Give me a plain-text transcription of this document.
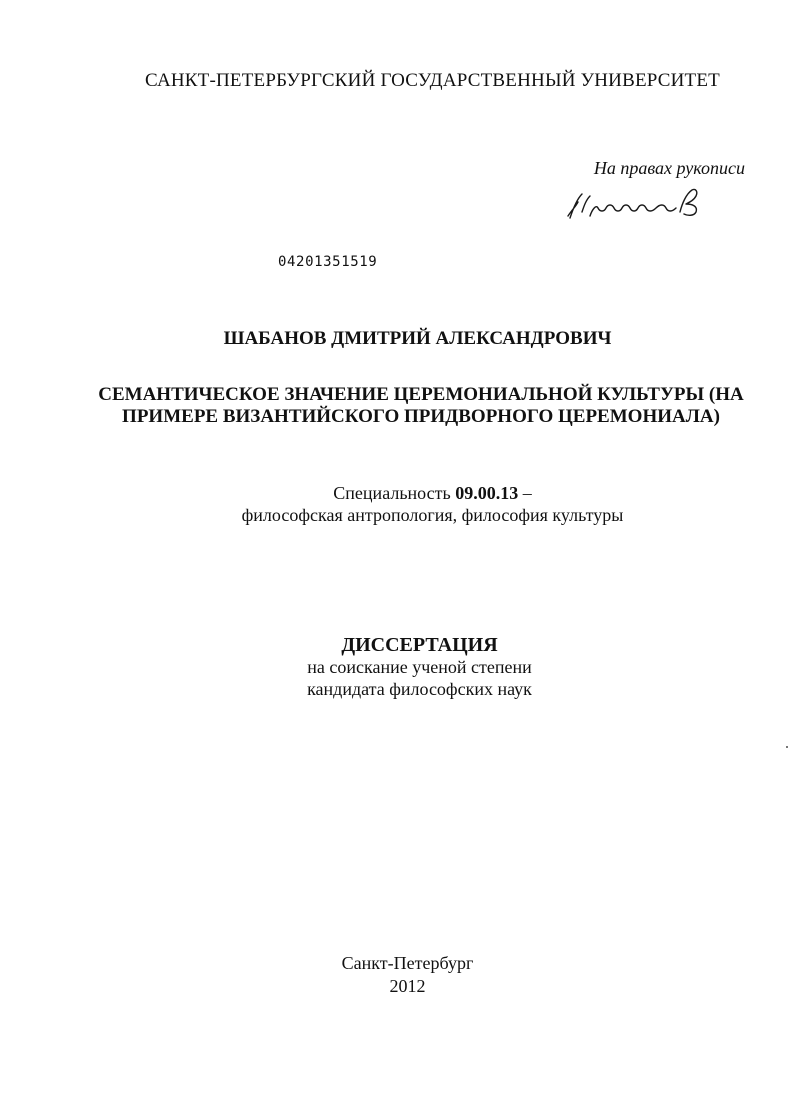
САНКТ-ПЕТЕРБУРГСКИЙ ГОСУДАРСТВЕННЫЙ УНИВЕРСИТЕТ
На правах рукописи
04201351519
ШАБАНОВ ДМИТРИЙ АЛЕКСАНДРОВИЧ
СЕМАНТИЧЕСКОЕ ЗНАЧЕНИЕ ЦЕРЕМОНИАЛЬНОЙ КУЛЬТУРЫ (НА
ПРИМЕРЕ ВИЗАНТИЙСКОГО ПРИДВОРНОГО ЦЕРЕМОНИАЛА)
Специальность 09.00.13 –
философская антропология, философия культуры
ДИССЕРТАЦИЯ
на соискание ученой степени
кандидата философских наук
Санкт-Петербург
2012
